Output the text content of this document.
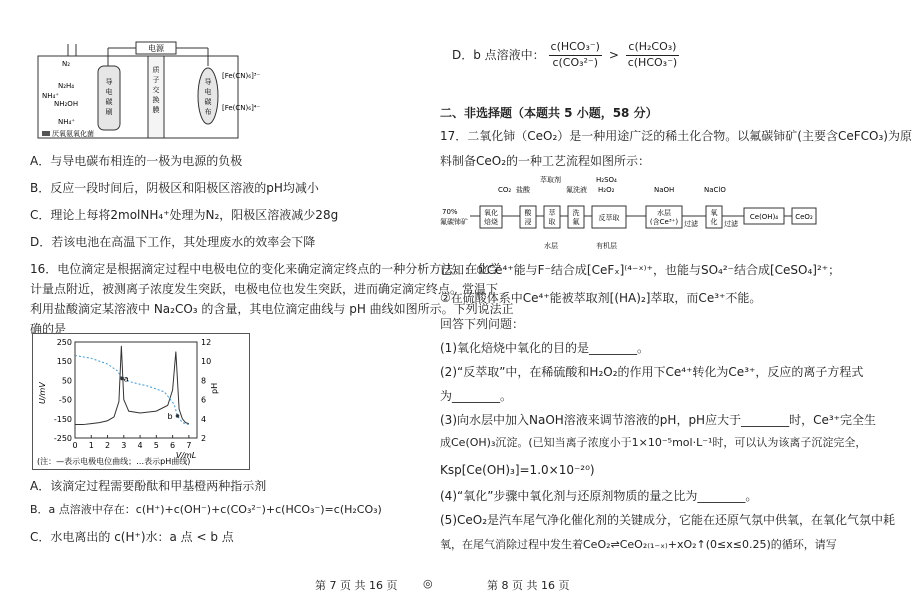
电源
N₂
N₂H₄
NH₄⁺
NH₂OH
NH₄⁺
导
电
碳
刷
质
子
交
换
膜
导
电
碳
布
[Fe(CN)₆]³⁻
[Fe(CN)₆]⁴⁻
厌氧氨氧化菌
A．与导电碳布相连的一极为电源的负极
B．反应一段时间后，阴极区和阳极区溶液的pH均减小
C．理论上每将2molNH₄⁺处理为N₂，阳极区溶液减少28g
D．若该电池在高温下工作，其处理废水的效率会下降
16．电位滴定是根据滴定过程中电极电位的变化来确定滴定终点的一种分析方法。在化学
计量点附近，被测离子浓度发生突跃，电极电位也发生突跃，进而确定滴定终点。常温下
利用盐酸滴定某溶液中 Na₂CO₃ 的含量，其电位滴定曲线与 pH 曲线如图所示。下列说法正
确的是
0 1 2 3 4 5 6 7
250
150
50
-50
-150
-250
12
10
8
6
4
2
V/mL
U/mV	pH
a
b
(注：—表示电极电位曲线；…表示pH曲线)
A．该滴定过程需要酚酞和甲基橙两种指示剂
B．a 点溶液中存在：c(H⁺)+c(OH⁻)+c(CO₃²⁻)+c(HCO₃⁻)=c(H₂CO₃)
C．水电离出的 c(H⁺)水：a 点 < b 点
D．b 点溶液中： $\frac{\text{c(HCO₃⁻)}}{\text{c(CO₃²⁻)}} > \frac{\text{c(H₂CO₃)}}{\text{c(HCO₃⁻)}}$
二、非选择题（本题共 5 小题，58 分）
17．二氧化铈（CeO₂）是一种用途广泛的稀土化合物。以氟碳铈矿(主要含CeFCO₃)为原
料制备CeO₂的一种工艺流程如图所示：
70%
氟碳铈矿
氧化
焙烧
CO₂ 盐酸
酸
浸
萃取剂
萃
取
水层
氟洗液
洗
氟
H₂SO₄
H₂O₂
反萃取
有机层
NaOH
水层
(含Ce³⁺) 过滤
NaClO
氧
化 过滤
Ce(OH)₄ CeO₂
已知：①Ce⁴⁺能与F⁻结合成[CeFₓ]⁽⁴⁻ˣ⁾⁺，也能与SO₄²⁻结合成[CeSO₄]²⁺；
②在硫酸体系中Ce⁴⁺能被萃取剂[(HA)₂]萃取，而Ce³⁺不能。
回答下列问题：
(1)氧化焙烧中氧化的目的是________。
(2)“反萃取”中，在稀硫酸和H₂O₂的作用下Ce⁴⁺转化为Ce³⁺，反应的离子方程式
为________。
(3)向水层中加入NaOH溶液来调节溶液的pH，pH应大于________时，Ce³⁺完全生
成Ce(OH)₃沉淀。(已知当离子浓度小于1×10⁻⁵mol·L⁻¹时，可以认为该离子沉淀完全，
Ksp[Ce(OH)₃]=1.0×10⁻²⁰)
(4)“氧化”步骤中氧化剂与还原剂物质的量之比为________。
(5)CeO₂是汽车尾气净化催化剂的关键成分，它能在还原气氛中供氧，在氧化气氛中耗
氧，在尾气消除过程中发生着CeO₂⇌CeO₂₍₁₋ₓ₎+xO₂↑(0≤x≤0.25)的循环，请写
第 7 页 共 16 页 ◎	第 8 页 共 16 页
